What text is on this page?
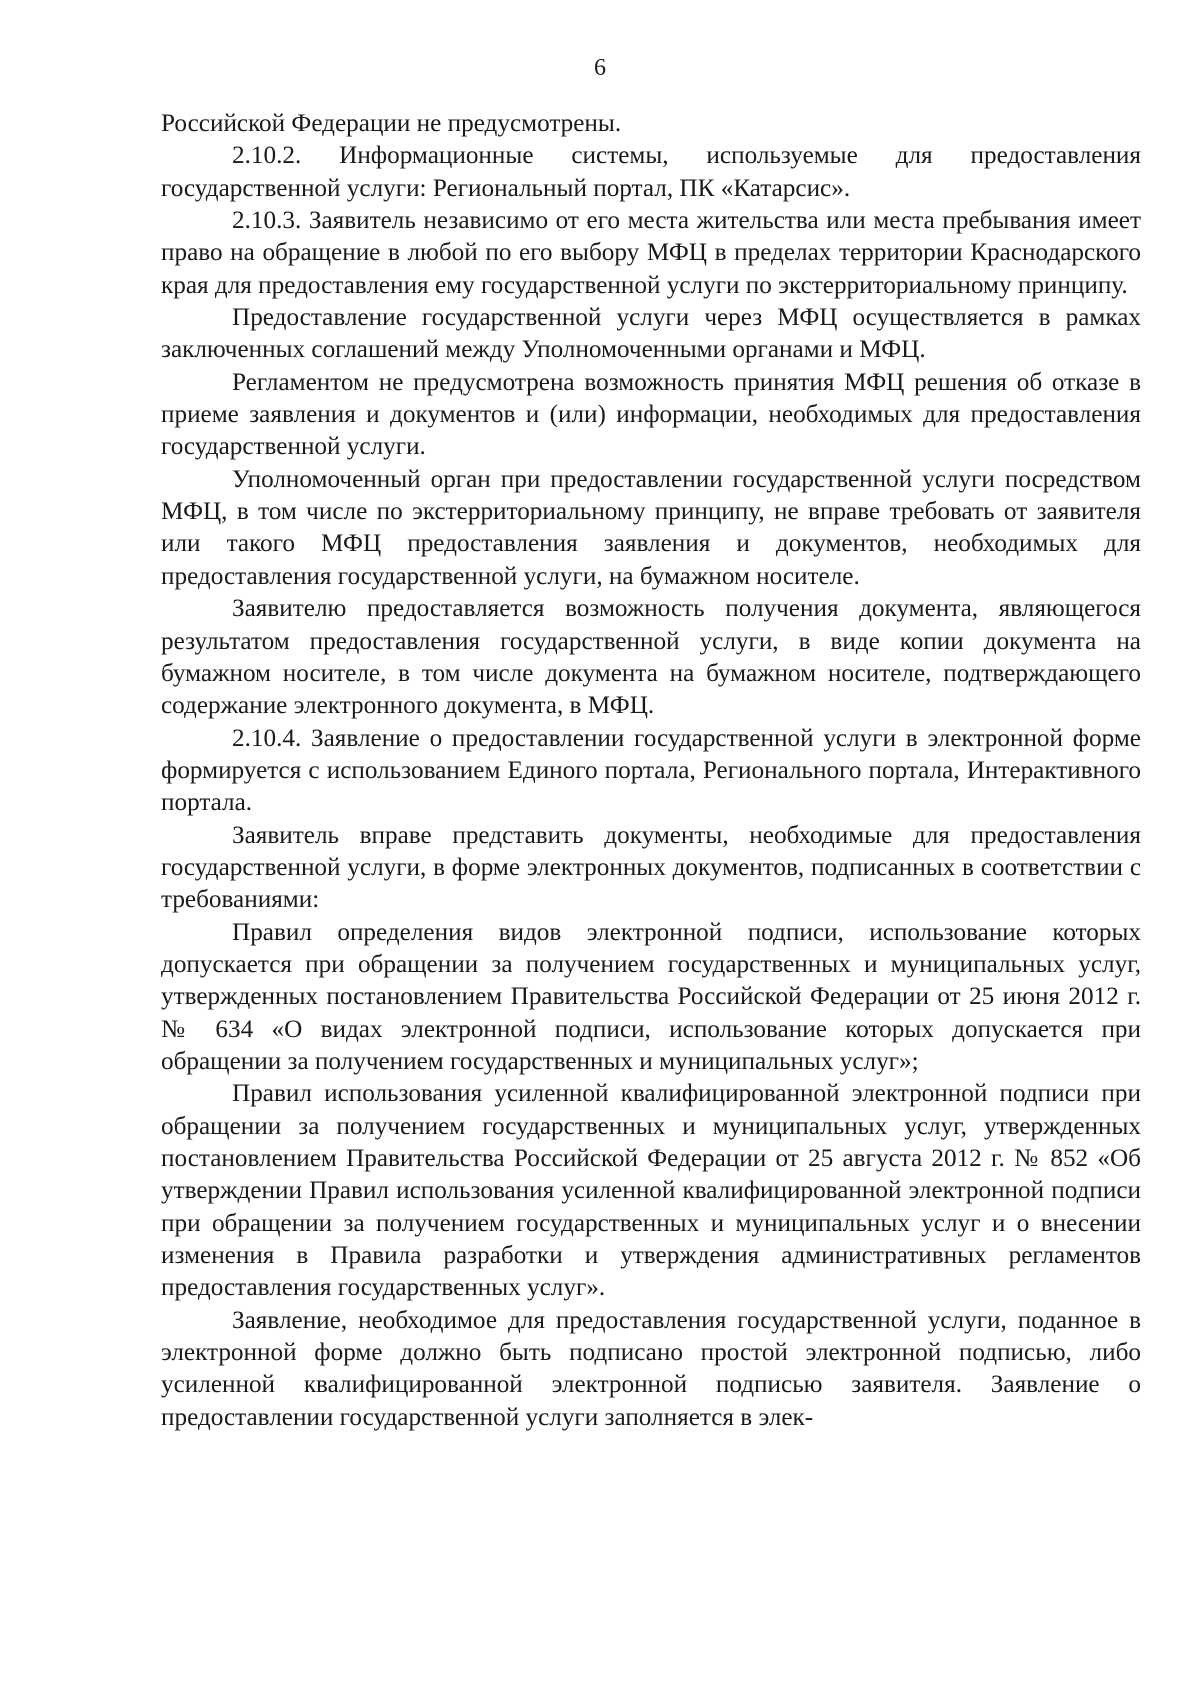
6

Российской Федерации не предусмотрены.

2.10.2. Информационные системы, используемые для предоставления государственной услуги: Региональный портал, ПК «Катарсис».

2.10.3. Заявитель независимо от его места жительства или места пребывания имеет право на обращение в любой по его выбору МФЦ в пределах территории Краснодарского края для предоставления ему государственной услуги по экстерриториальному принципу.

Предоставление государственной услуги через МФЦ осуществляется в рамках заключенных соглашений между Уполномоченными органами и МФЦ.

Регламентом не предусмотрена возможность принятия МФЦ решения об отказе в приеме заявления и документов и (или) информации, необходимых для предоставления государственной услуги.

Уполномоченный орган при предоставлении государственной услуги посредством МФЦ, в том числе по экстерриториальному принципу, не вправе требовать от заявителя или такого МФЦ предоставления заявления и документов, необходимых для предоставления государственной услуги, на бумажном носителе.

Заявителю предоставляется возможность получения документа, являющегося результатом предоставления государственной услуги, в виде копии документа на бумажном носителе, в том числе документа на бумажном носителе, подтверждающего содержание электронного документа, в МФЦ.

2.10.4. Заявление о предоставлении государственной услуги в электронной форме формируется с использованием Единого портала, Регионального портала, Интерактивного портала.

Заявитель вправе представить документы, необходимые для предоставления государственной услуги, в форме электронных документов, подписанных в соответствии с требованиями:

Правил определения видов электронной подписи, использование которых допускается при обращении за получением государственных и муниципальных услуг, утвержденных постановлением Правительства Российской Федерации от 25 июня 2012 г. № 634 «О видах электронной подписи, использование которых допускается при обращении за получением государственных и муниципальных услуг»;

Правил использования усиленной квалифицированной электронной подписи при обращении за получением государственных и муниципальных услуг, утвержденных постановлением Правительства Российской Федерации от 25 августа 2012 г. № 852 «Об утверждении Правил использования усиленной квалифицированной электронной подписи при обращении за получением государственных и муниципальных услуг и о внесении изменения в Правила разработки и утверждения административных регламентов предоставления государственных услуг».

Заявление, необходимое для предоставления государственной услуги, поданное в электронной форме должно быть подписано простой электронной подписью, либо усиленной квалифицированной электронной подписью заявителя. Заявление о предоставлении государственной услуги заполняется в элек-
